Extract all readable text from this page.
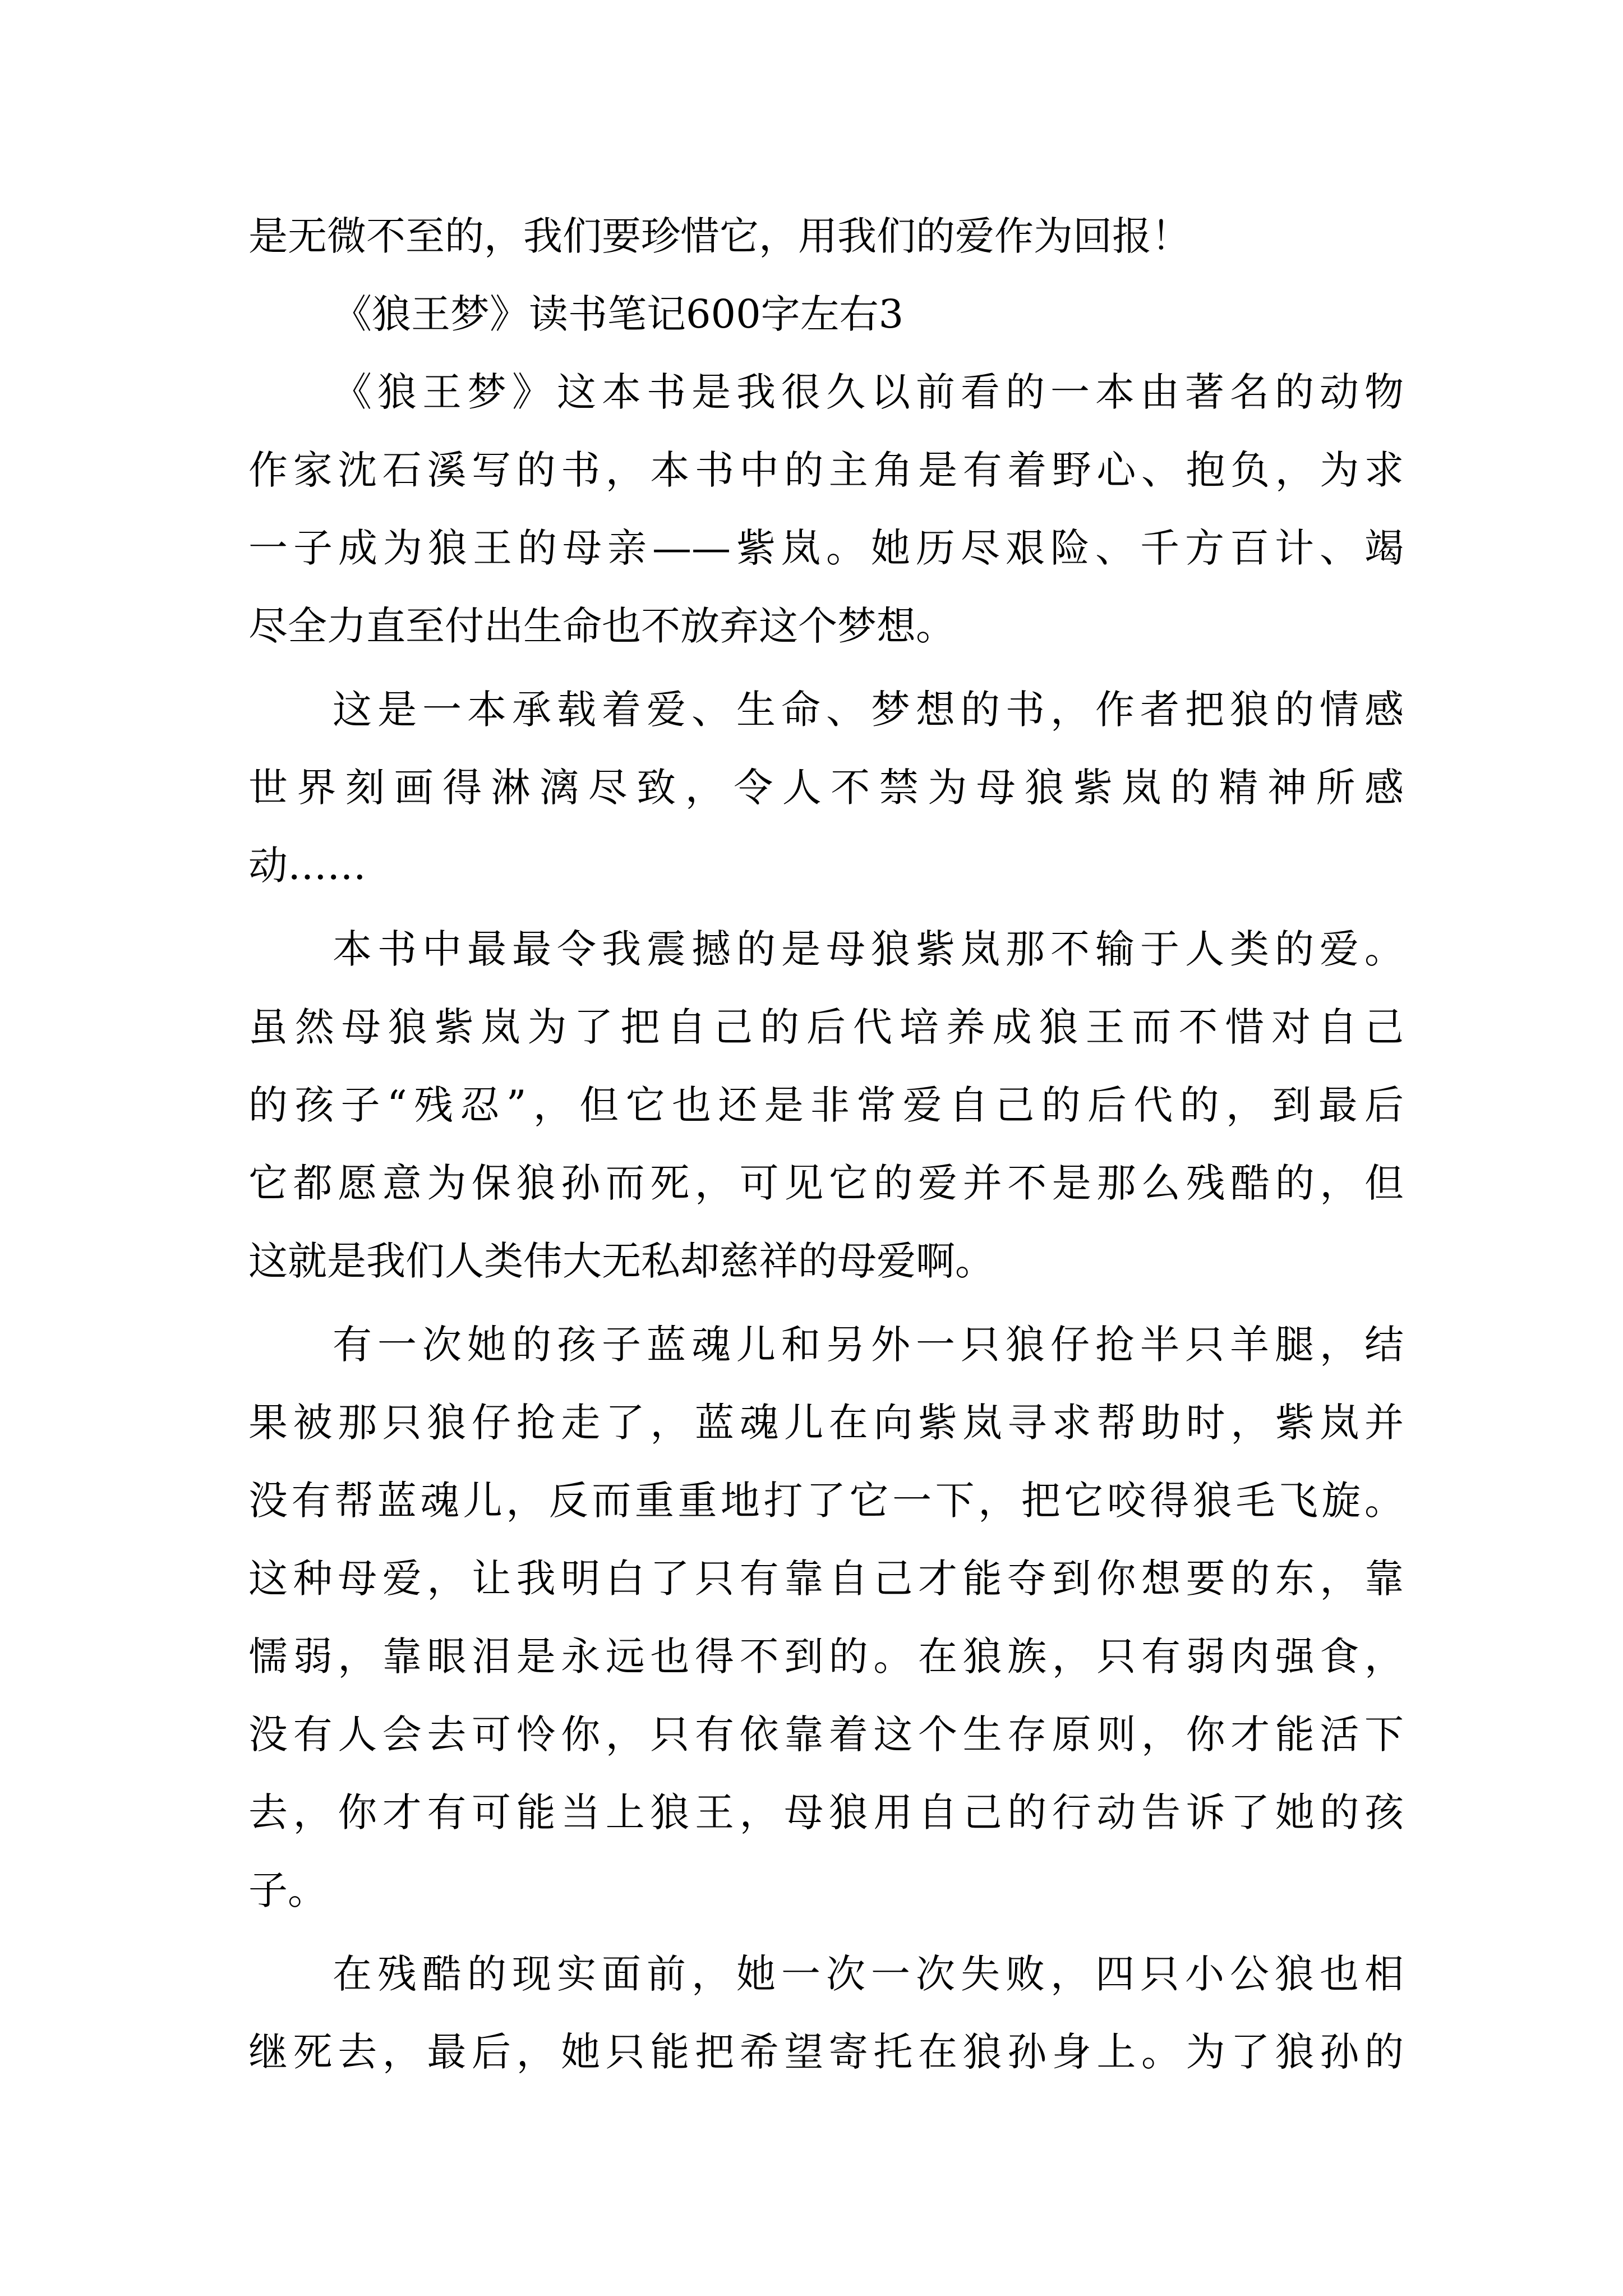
是无微不至的，我们要珍惜它，用我们的爱作为回报！
《狼王梦》读书笔记600字左右3
《狼王梦》这本书是我很久以前看的一本由著名的动物
作家沈石溪写的书，本书中的主角是有着野心、抱负，为求
一子成为狼王的母亲——紫岚。她历尽艰险、千方百计、竭
尽全力直至付出生命也不放弃这个梦想。
这是一本承载着爱、生命、梦想的书，作者把狼的情感
世界刻画得淋漓尽致，令人不禁为母狼紫岚的精神所感
动……
本书中最最令我震撼的是母狼紫岚那不输于人类的爱。
虽然母狼紫岚为了把自己的后代培养成狼王而不惜对自己
的孩子“残忍”，但它也还是非常爱自己的后代的，到最后
它都愿意为保狼孙而死，可见它的爱并不是那么残酷的，但
这就是我们人类伟大无私却慈祥的母爱啊。
有一次她的孩子蓝魂儿和另外一只狼仔抢半只羊腿，结
果被那只狼仔抢走了，蓝魂儿在向紫岚寻求帮助时，紫岚并
没有帮蓝魂儿，反而重重地打了它一下，把它咬得狼毛飞旋。
这种母爱，让我明白了只有靠自己才能夺到你想要的东，靠
懦弱，靠眼泪是永远也得不到的。在狼族，只有弱肉强食，
没有人会去可怜你，只有依靠着这个生存原则，你才能活下
去，你才有可能当上狼王，母狼用自己的行动告诉了她的孩
子。
在残酷的现实面前，她一次一次失败，四只小公狼也相
继死去，最后，她只能把希望寄托在狼孙身上。为了狼孙的
